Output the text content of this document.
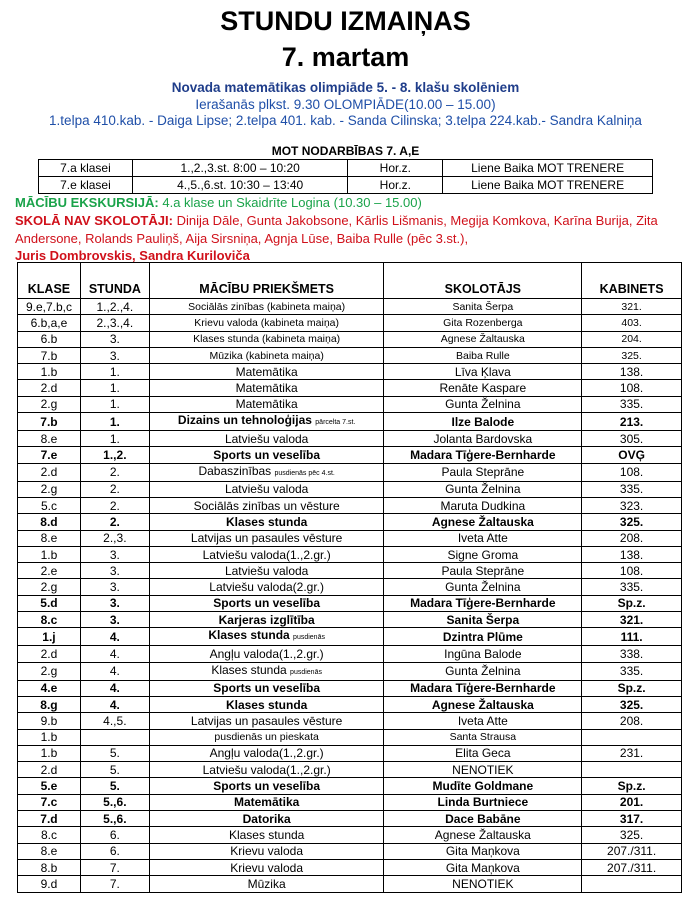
STUNDU IZMAIŅAS
7. martam
Novada matemātikas olimpiāde 5. - 8. klašu skolēniem
Ierašanās plkst. 9.30 OLOMPIĀDE(10.00 – 15.00)
1.telpa 410.kab. - Daiga Lipse; 2.telpa 401. kab. - Sanda Cilinska; 3.telpa 224.kab.- Sandra Kalniņa
MOT NODARBĪBAS 7. A,E
7.a klasei	1.,2.,3.st. 8:00 – 10:20	Hor.z.	Liene Baika MOT TRENERE
7.e klasei	4.,5.,6.st. 10:30 – 13:40	Hor.z.	Liene Baika MOT TRENERE
MĀCĪBU EKSKURSIJĀ: 4.a klase un Skaidrīte Logina (10.30 – 15.00)
SKOLĀ NAV SKOLOTĀJI: Dinija Dāle, Gunta Jakobsone, Kārlis Lišmanis, Megija Komkova, Karīna Burija, Zita Andersone, Rolands Pauliņš, Aija Sirsniņa, Agnja Lūse, Baiba Rulle (pēc 3.st.),
Juris Dombrovskis, Sandra Kuriloviča
KLASE	STUNDA	MĀCĪBU PRIEKŠMETS	SKOLOTĀJS	KABINETS
9.e,7.b,c	1.,2.,4.	Sociālās zinības (kabineta maiņa)	Sanita Šerpa	321.
6.b,a,e	2.,3.,4.	Krievu valoda (kabineta maiņa)	Gita Rozenberga	403.
6.b	3.	Klases stunda (kabineta maiņa)	Agnese Žaltauska	204.
7.b	3.	Mūzika (kabineta maiņa)	Baiba Rulle	325.
1.b	1.	Matemātika	Līva Ķlava	138.
2.d	1.	Matemātika	Renāte Kaspare	108.
2.g	1.	Matemātika	Gunta Želnina	335.
7.b	1.	Dizains un tehnoloģijas pārcelta 7.st.	Ilze Balode	213.
8.e	1.	Latviešu valoda	Jolanta Bardovska	305.
7.e	1.,2.	Sports un veselība	Madara Tīģere-Bernharde	OVĢ
2.d	2.	Dabaszinības pusdienās pēc 4.st.	Paula Steprāne	108.
2.g	2.	Latviešu valoda	Gunta Želnina	335.
5.c	2.	Sociālās zinības un vēsture	Maruta Dudkina	323.
8.d	2.	Klases stunda	Agnese Žaltauska	325.
8.e	2.,3.	Latvijas un pasaules vēsture	Iveta Atte	208.
1.b	3.	Latviešu valoda(1.,2.gr.)	Signe Groma	138.
2.e	3.	Latviešu valoda	Paula Steprāne	108.
2.g	3.	Latviešu valoda(2.gr.)	Gunta Želnina	335.
5.d	3.	Sports un veselība	Madara Tīģere-Bernharde	Sp.z.
8.c	3.	Karjeras izglītība	Sanita Šerpa	321.
1.j	4.	Klases stunda pusdienās	Dzintra Plūme	111.
2.d	4.	Angļu valoda(1.,2.gr.)	Ingūna Balode	338.
2.g	4.	Klases stunda pusdienās	Gunta Želnina	335.
4.e	4.	Sports un veselība	Madara Tīģere-Bernharde	Sp.z.
8.g	4.	Klases stunda	Agnese Žaltauska	325.
9.b	4.,5.	Latvijas un pasaules vēsture	Iveta Atte	208.
1.b		pusdienās un pieskata	Santa Strausa	
1.b	5.	Angļu valoda(1.,2.gr.)	Elita Geca	231.
2.d	5.	Latviešu valoda(1.,2.gr.)	NENOTIEK	
5.e	5.	Sports un veselība	Mudīte Goldmane	Sp.z.
7.c	5.,6.	Matemātika	Linda Burtniece	201.
7.d	5.,6.	Datorika	Dace Babāne	317.
8.c	6.	Klases stunda	Agnese Žaltauska	325.
8.e	6.	Krievu valoda	Gita Maņkova	207./311.
8.b	7.	Krievu valoda	Gita Maņkova	207./311.
9.d	7.	Mūzika	NENOTIEK	
